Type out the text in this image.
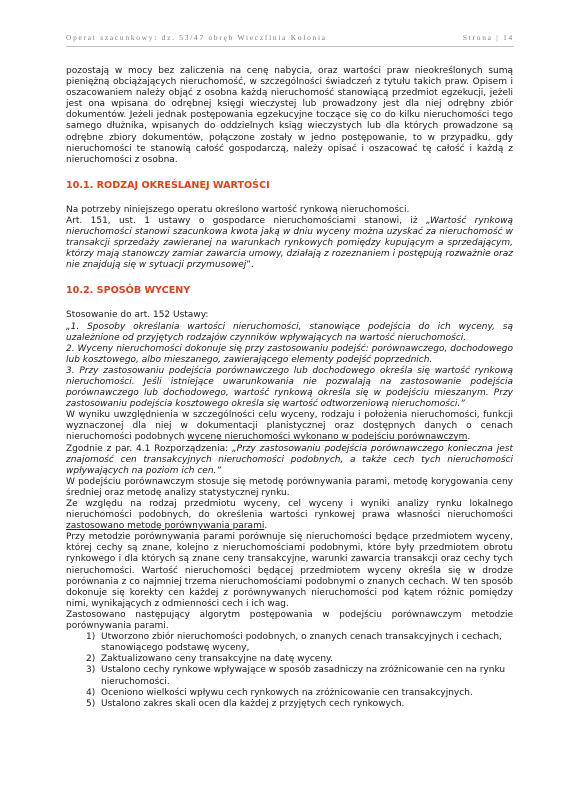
Operat szacunkowy: dz. 53/47 obręb Wieczflnia Kolonia	Strona | 14

pozostają w mocy bez zaliczenia na cenę nabycia, oraz wartości praw nieokreślonych sumą pieniężną obciążających nieruchomość, w szczególności świadczeń z tytułu takich praw. Opisem i oszacowaniem należy objąć z osobna każdą nieruchomość stanowiącą przedmiot egzekucji, jeżeli jest ona wpisana do odrębnej księgi wieczystej lub prowadzony jest dla niej odrębny zbiór dokumentów. Jeżeli jednak postępowania egzekucyjne toczące się co do kilku nieruchomości tego samego dłużnika, wpisanych do oddzielnych ksiąg wieczystych lub dla których prowadzone są odrębne zbiory dokumentów, połączone zostały w jedno postępowanie, to w przypadku, gdy nieruchomości te stanowią całość gospodarczą, należy opisać i oszacować tę całość i każdą z nieruchomości z osobna.

10.1. RODZAJ OKREŚLANEJ WARTOŚCI

Na potrzeby niniejszego operatu określono wartość rynkową nieruchomości.

Art. 151, ust. 1 ustawy o gospodarce nieruchomościami stanowi, iż „Wartość rynkową nieruchomości stanowi szacunkowa kwota jaką w dniu wyceny można uzyskać za nieruchomość w transakcji sprzedaży zawieranej na warunkach rynkowych pomiędzy kupującym a sprzedającym, którzy mają stanowczy zamiar zawarcia umowy, działają z rozeznaniem i postępują rozważnie oraz nie znajdują się w sytuacji przymusowej”.

10.2. SPOSÓB WYCENY

Stosowanie do art. 152 Ustawy:

„1. Sposoby określania wartości nieruchomości, stanowiące podejścia do ich wyceny, są uzależnione od przyjętych rodzajów czynników wpływających na wartość nieruchomości.

2. Wyceny nieruchomości dokonuje się przy zastosowaniu podejść: porównawczego, dochodowego lub kosztowego, albo mieszanego, zawierającego elementy podejść poprzednich.

3. Przy zastosowaniu podejścia porównawczego lub dochodowego określa się wartość rynkową nieruchomości. Jeśli istniejące uwarunkowania nie pozwalają na zastosowanie podejścia porównawczego lub dochodowego, wartość rynkową określa się w podejściu mieszanym. Przy zastosowaniu podejścia kosztowego określa się wartość odtworzeniową nieruchomości.”

W wyniku uwzględnienia w szczególności celu wyceny, rodzaju i położenia nieruchomości, funkcji wyznaczonej dla niej w dokumentacji planistycznej oraz dostępnych danych o cenach nieruchomości podobnych wycenę nieruchomości wykonano w podejściu porównawczym.

Zgodnie z par. 4.1 Rozporządzenia: „Przy zastosowaniu podejścia porównawczego konieczna jest znajomość cen transakcyjnych nieruchomości podobnych, a także cech tych nieruchomości wpływających na poziom ich cen.”

W podejściu porównawczym stosuje się metodę porównywania parami, metodę korygowania ceny średniej oraz metodę analizy statystycznej rynku.

Ze względu na rodzaj przedmiotu wyceny, cel wyceny i wyniki analizy rynku lokalnego nieruchomości podobnych, do określenia wartości rynkowej prawa własności nieruchomości zastosowano metodę porównywania parami.

Przy metodzie porównywania parami porównuje się nieruchomości będące przedmiotem wyceny, której cechy są znane, kolejno z nieruchomościami podobnymi, które były przedmiotem obrotu rynkowego i dla których są znane ceny transakcyjne, warunki zawarcia transakcji oraz cechy tych nieruchomości. Wartość nieruchomości będącej przedmiotem wyceny określa się w drodze porównania z co najmniej trzema nieruchomościami podobnymi o znanych cechach. W ten sposób dokonuje się korekty cen każdej z porównywanych nieruchomości pod kątem różnic pomiędzy nimi, wynikających z odmienności cech i ich wag.

Zastosowano następujący algorytm postępowania w podejściu porównawczym metodzie porównywania parami.

1) Utworzono zbiór nieruchomości podobnych, o znanych cenach transakcyjnych i cechach, stanowiącego podstawę wyceny,
2) Zaktualizowano ceny transakcyjne na datę wyceny.
3) Ustalono cechy rynkowe wpływające w sposób zasadniczy na zróżnicowanie cen na rynku nieruchomości.
4) Oceniono wielkości wpływu cech rynkowych na zróżnicowanie cen transakcyjnych.
5) Ustalono zakres skali ocen dla każdej z przyjętych cech rynkowych.
